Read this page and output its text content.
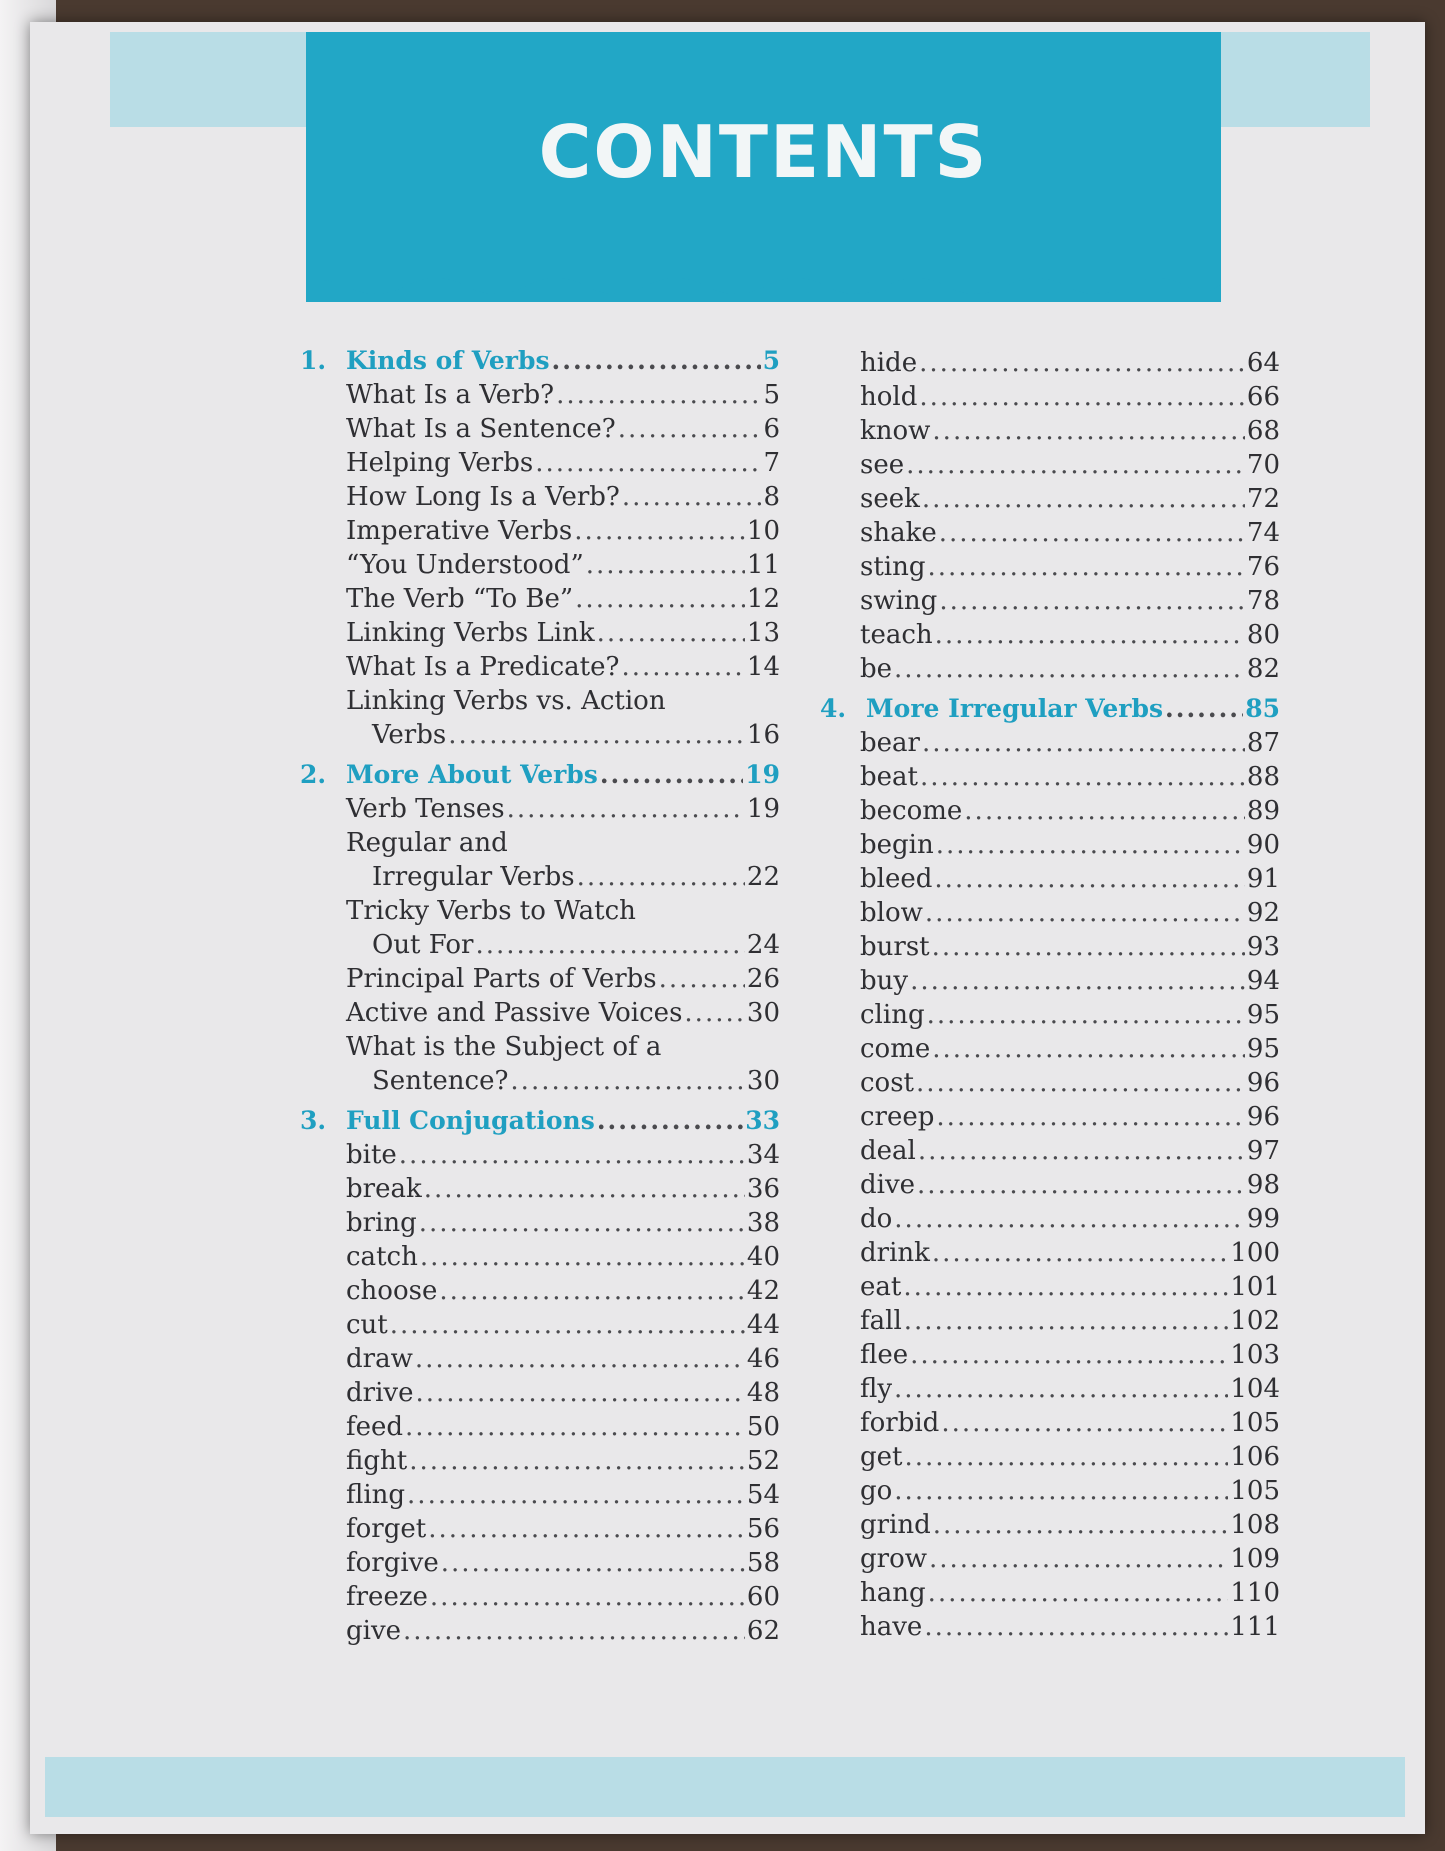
CONTENTS
1. Kinds of Verbs .....	5
What Is a Verb? .....	5
What Is a Sentence? .....	6
Helping Verbs .....	7
How Long Is a Verb? .....	8
Imperative Verbs .....	10
“You Understood” .....	11
The Verb “To Be” .....	12
Linking Verbs Link .....	13
What Is a Predicate? .....	14
Linking Verbs vs. Action
Verbs .....	16
2. More About Verbs .....	19
Verb Tenses .....	19
Regular and
Irregular Verbs .....	22
Tricky Verbs to Watch
Out For .....	24
Principal Parts of Verbs .....	26
Active and Passive Voices ..... 30
What is the Subject of a
Sentence? .....	30
3. Full Conjugations .....	33
bite .....	34
break .....	36
bring .....	38
catch .....	40
choose .....	42
cut .....	44
draw .....	46
drive .....	48
feed .....	50
fight .....	52
fling .....	54
forget .....	56
forgive .....	58
freeze .....	60
give .....	62
hide .....	64
hold .....	66
know .....	68
see .....	70
seek .....	72
shake .....	74
sting .....	76
swing .....	78
teach .....	80
be .....	82
4. More Irregular Verbs .....	85
bear .....	87
beat .....	88
become .....	89
begin .....	90
bleed .....	91
blow .....	92
burst .....	93
buy .....	94
cling .....	95
come .....	95
cost .....	96
creep .....	96
deal .....	97
dive .....	98
do .....	99
drink .....	100
eat .....	101
fall .....	102
flee .....	103
fly .....	104
forbid .....	105
get .....	106
go .....	105
grind .....	108
grow .....	109
hang .....	110
have .....	111
